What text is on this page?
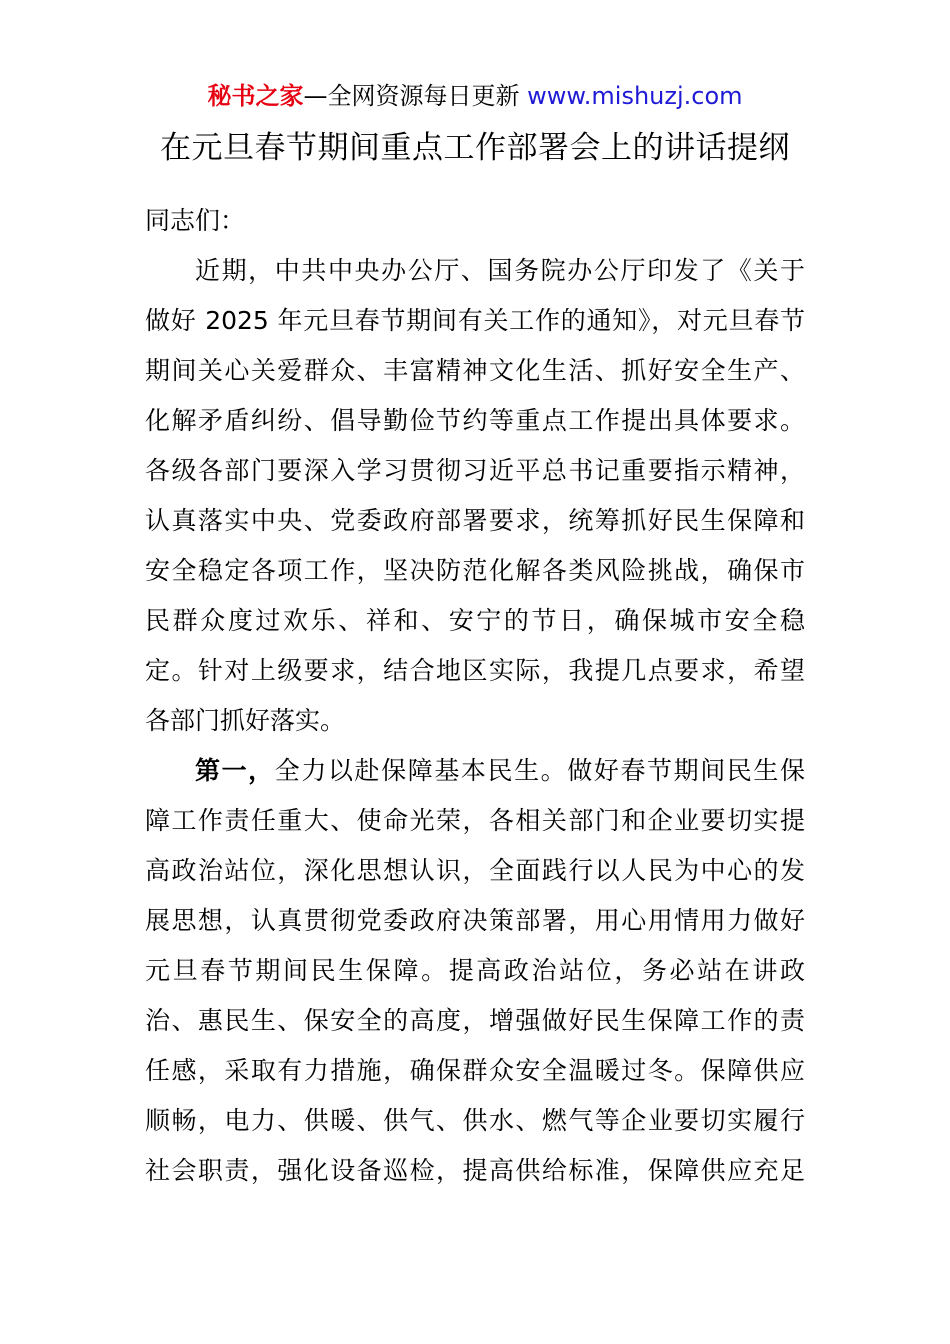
秘书之家—全网资源每日更新 www.mishuzj.com
在元旦春节期间重点工作部署会上的讲话提纲
同志们：
近期，中共中央办公厅、国务院办公厅印发了《关于
做好 2025 年元旦春节期间有关工作的通知》，对元旦春节
期间关心关爱群众、丰富精神文化生活、抓好安全生产、
化解矛盾纠纷、倡导勤俭节约等重点工作提出具体要求。
各级各部门要深入学习贯彻习近平总书记重要指示精神，
认真落实中央、党委政府部署要求，统筹抓好民生保障和
安全稳定各项工作，坚决防范化解各类风险挑战，确保市
民群众度过欢乐、祥和、安宁的节日，确保城市安全稳
定。针对上级要求，结合地区实际，我提几点要求，希望
各部门抓好落实。
第一，全力以赴保障基本民生。做好春节期间民生保
障工作责任重大、使命光荣，各相关部门和企业要切实提
高政治站位，深化思想认识，全面践行以人民为中心的发
展思想，认真贯彻党委政府决策部署，用心用情用力做好
元旦春节期间民生保障。提高政治站位，务必站在讲政
治、惠民生、保安全的高度，增强做好民生保障工作的责
任感，采取有力措施，确保群众安全温暖过冬。保障供应
顺畅，电力、供暖、供气、供水、燃气等企业要切实履行
社会职责，强化设备巡检，提高供给标准，保障供应充足
